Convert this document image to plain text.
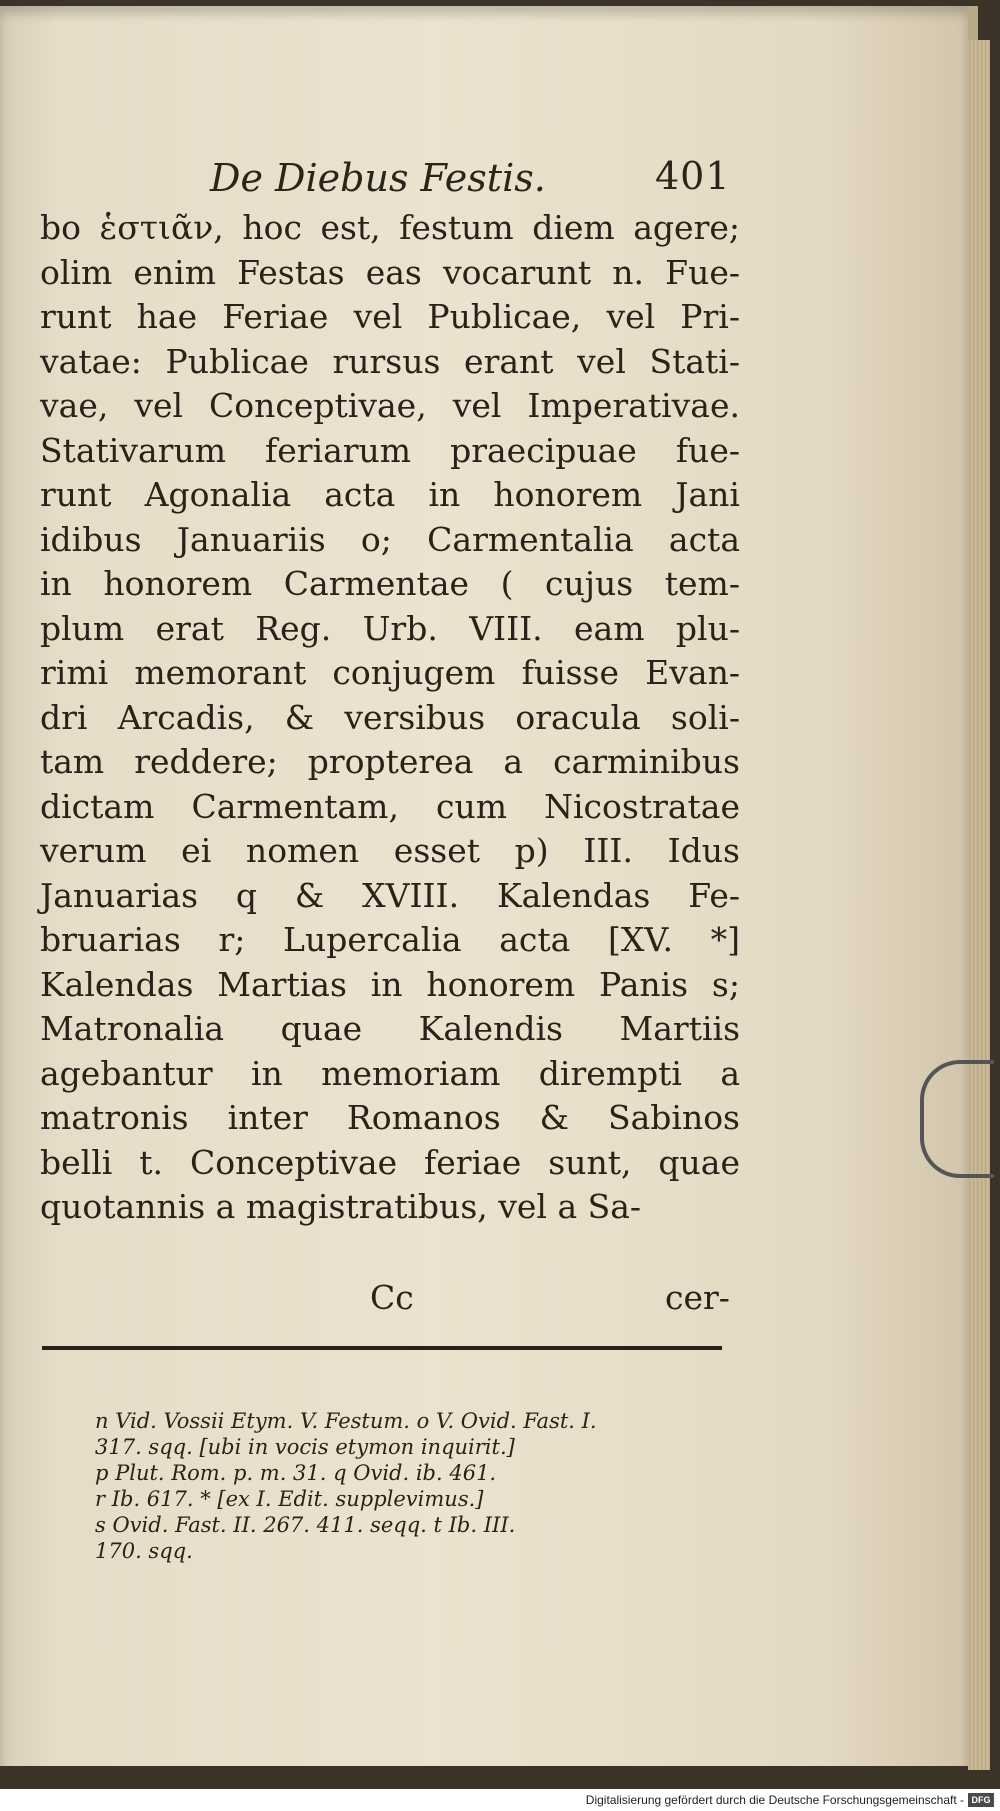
De Diebus Festis.	401
bo ἑστιᾶν, hoc est, festum diem agere;
olim enim Festas eas vocarunt n. Fue-
runt hae Feriae vel Publicae, vel Pri-
vatae: Publicae rursus erant vel Stati-
vae, vel Conceptivae, vel Imperativae.
Stativarum feriarum praecipuae fue-
runt Agonalia acta in honorem Jani
idibus Januariis o; Carmentalia acta
in honorem Carmentae ( cujus tem-
plum erat Reg. Urb. VIII. eam plu-
rimi memorant conjugem fuisse Evan-
dri Arcadis, & versibus oracula soli-
tam reddere; propterea a carminibus
dictam Carmentam, cum Nicostratae
verum ei nomen esset p) III. Idus
Januarias q & XVIII. Kalendas Fe-
bruarias r; Lupercalia acta [XV. *]
Kalendas Martias in honorem Panis s;
Matronalia quae Kalendis Martiis
agebantur in memoriam dirempti a
matronis inter Romanos & Sabinos
belli t. Conceptivae feriae sunt, quae
quotannis a magistratibus, vel a Sa-
Cc	cer-
n Vid. Vossii Etym. V. Festum. o V. Ovid. Fast. I.
317. sqq. [ubi in vocis etymon inquirit.]
p Plut. Rom. p. m. 31. q Ovid. ib. 461.
r Ib. 617. * [ex I. Edit. supplevimus.]
s Ovid. Fast. II. 267. 411. seqq. t Ib. III.
170. sqq.
Digitalisierung gefördert durch die Deutsche Forschungsgemeinschaft - DFG
